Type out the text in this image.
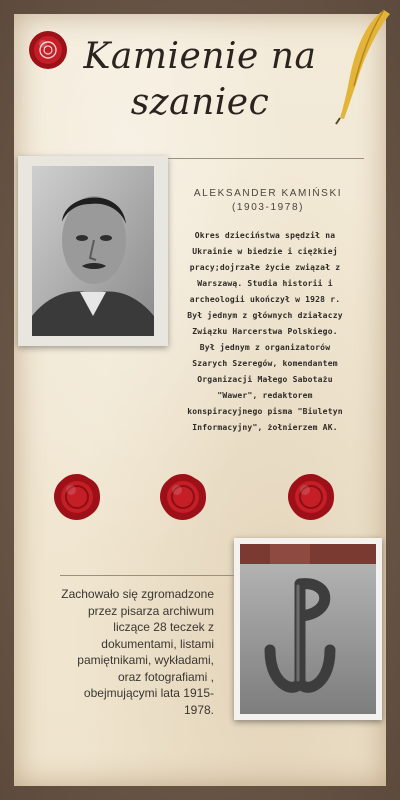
Kamienie na
szaniec
ALEKSANDER KAMIŃSKI
(1903-1978)
Okres dzieciństwa spędził na
Ukrainie w biedzie i ciężkiej
pracy;dojrzałe życie związał z
Warszawą. Studia historii i
archeologii ukończył w 1928 r.
Był jednym z głównych działaczy
Związku Harcerstwa Polskiego.
Był jednym z organizatorów
Szarych Szeregów, komendantem
Organizacji Małego Sabotażu
"Wawer", redaktorem
konspiracyjnego pisma "Biuletyn
Informacyjny", żołnierzem AK.
Zachowało się zgromadzone
przez pisarza archiwum
liczące 28 teczek z
dokumentami, listami
pamiętnikami, wykładami,
oraz fotografiami ,
obejmującymi lata 1915-
1978.
